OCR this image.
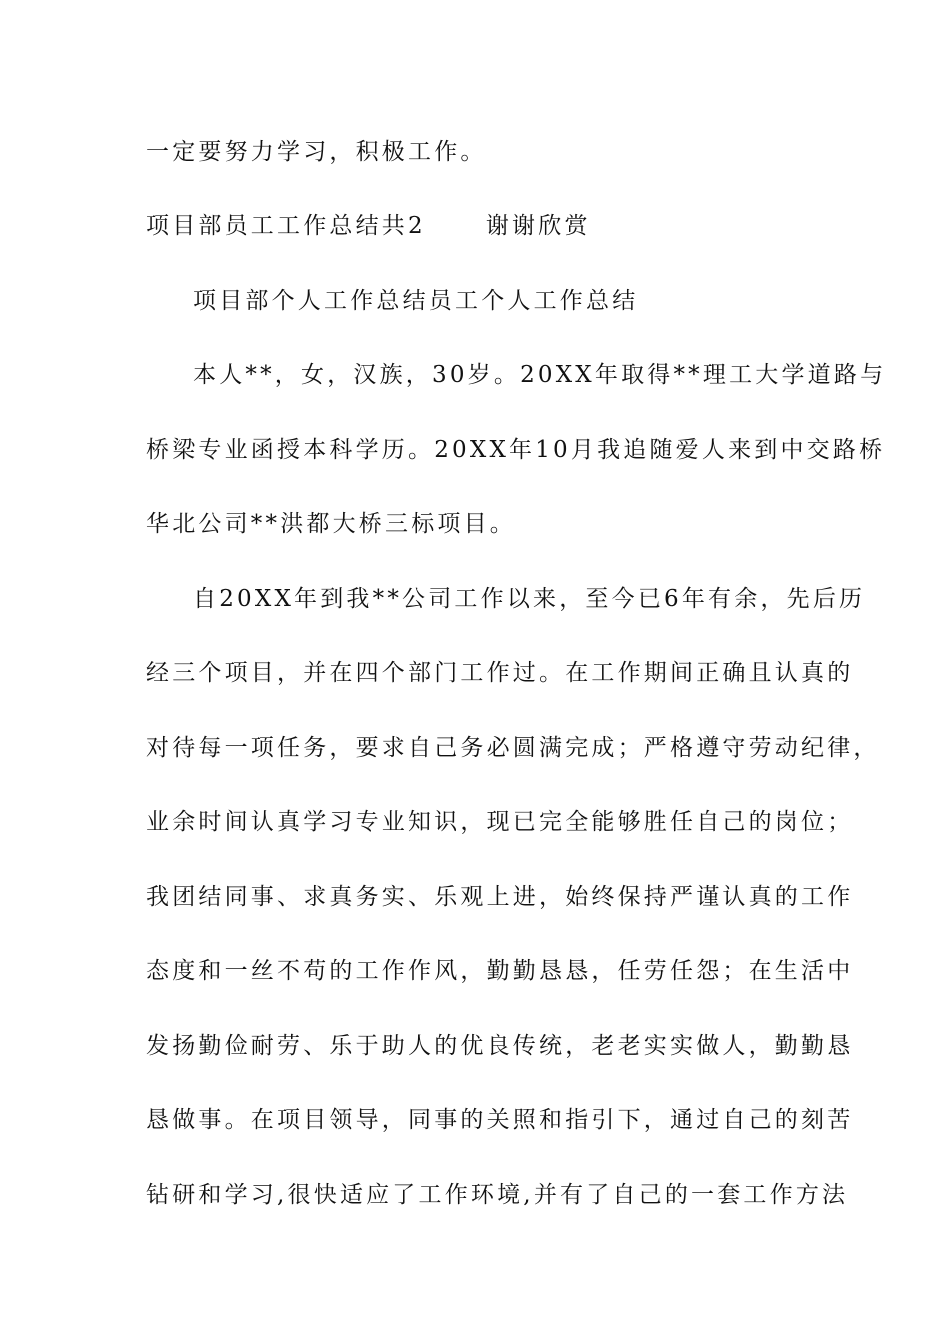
一定要努力学习，积极工作。
项目部员工工作总结共2	谢谢欣赏
项目部个人工作总结员工个人工作总结
本人**，女，汉族，30岁。20XX年取得**理工大学道路与
桥梁专业函授本科学历。20XX年10月我追随爱人来到中交路桥
华北公司**洪都大桥三标项目。
自20XX年到我**公司工作以来，至今已6年有余，先后历
经三个项目，并在四个部门工作过。在工作期间正确且认真的
对待每一项任务，要求自己务必圆满完成；严格遵守劳动纪律，
业余时间认真学习专业知识，现已完全能够胜任自己的岗位；
我团结同事、求真务实、乐观上进，始终保持严谨认真的工作
态度和一丝不苟的工作作风，勤勤恳恳，任劳任怨；在生活中
发扬勤俭耐劳、乐于助人的优良传统，老老实实做人，勤勤恳
恳做事。在项目领导，同事的关照和指引下，通过自己的刻苦
钻研和学习,很快适应了工作环境,并有了自己的一套工作方法
